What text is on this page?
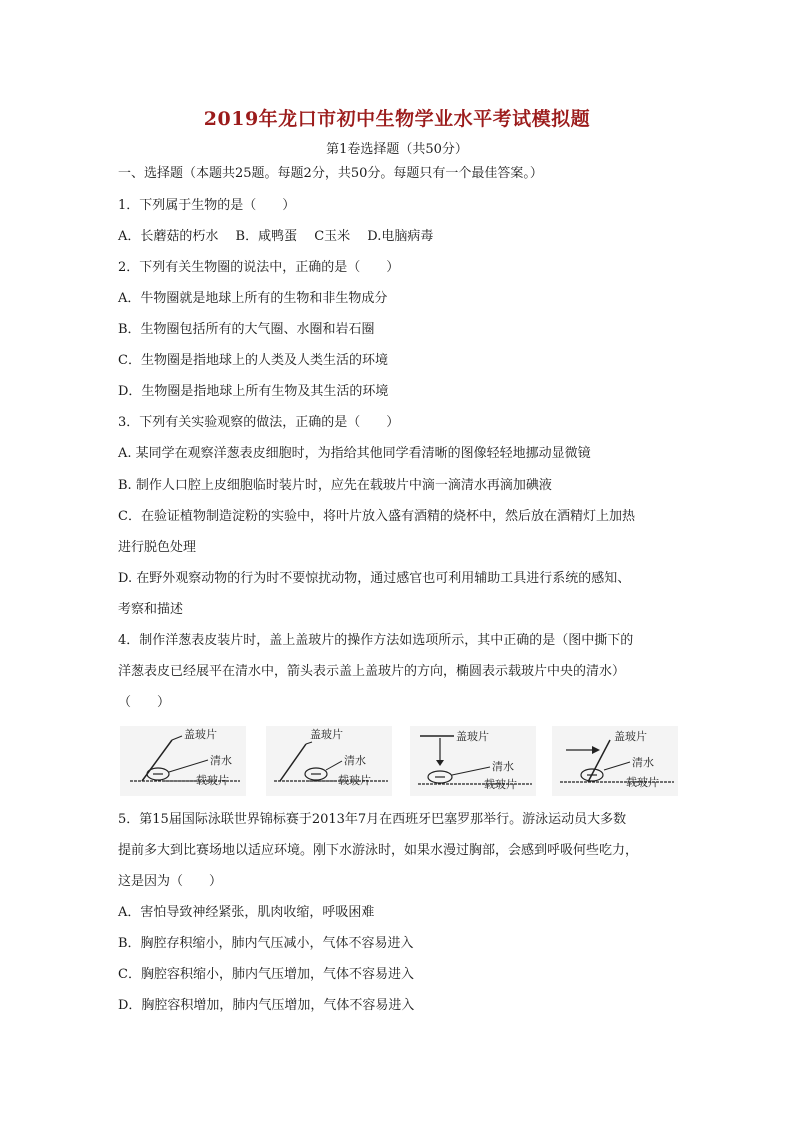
2019年龙口市初中生物学业水平考试模拟题
第1卷选择题（共50分）
一、选择题（本题共25题。每题2分，共50分。每题只有一个最佳答案。）
1．下列属于生物的是（　　）
A．长蘑菇的朽水　 B．咸鸭蛋　 C玉米　 D.电脑病毒
2．下列有关生物圈的说法中，正确的是（　　）
A．牛物圈就是地球上所有的生物和非生物成分
B．生物圈包括所有的大气圈、水圈和岩石圈
C．生物圈是指地球上的人类及人类生活的环境
D．生物圈是指地球上所有生物及其生活的环境
3．下列有关实验观察的做法，正确的是（　　）
A. 某同学在观察洋葱表皮细胞时，为指给其他同学看清晰的图像轻轻地挪动显微镜
B. 制作人口腔上皮细胞临时装片时，应先在载玻片中滴一滴清水再滴加碘液
C．在验证植物制造淀粉的实验中，将叶片放入盛有酒精的烧杯中，然后放在酒精灯上加热
进行脱色处理
D. 在野外观察动物的行为时不要惊扰动物，通过感官也可利用辅助工具进行系统的感知、
考察和描述
4．制作洋葱表皮装片时，盖上盖玻片的操作方法如选项所示，其中正确的是（图中撕下的
洋葱表皮已经展平在清水中，箭头表示盖上盖玻片的方向，椭圆表示载玻片中央的清水）
（　　）
盖玻片
清水
载玻片
盖玻片
清水
载玻片
盖玻片
清水
载玻片
盖玻片
清水
载玻片
5．第15届国际泳联世界锦标赛于2013年7月在西班牙巴塞罗那举行。游泳运动员大多数
提前多大到比赛场地以适应环境。刚下水游泳时，如果水漫过胸部，会感到呼吸何些吃力，
这是因为（　　）
A．害怕导致神经紧张，肌肉收缩，呼吸困难
B．胸腔存积缩小，肺内气压减小，气体不容易进入
C．胸腔容积缩小，肺内气压增加，气体不容易进入
D．胸腔容积增加，肺内气压增加，气体不容易进入
